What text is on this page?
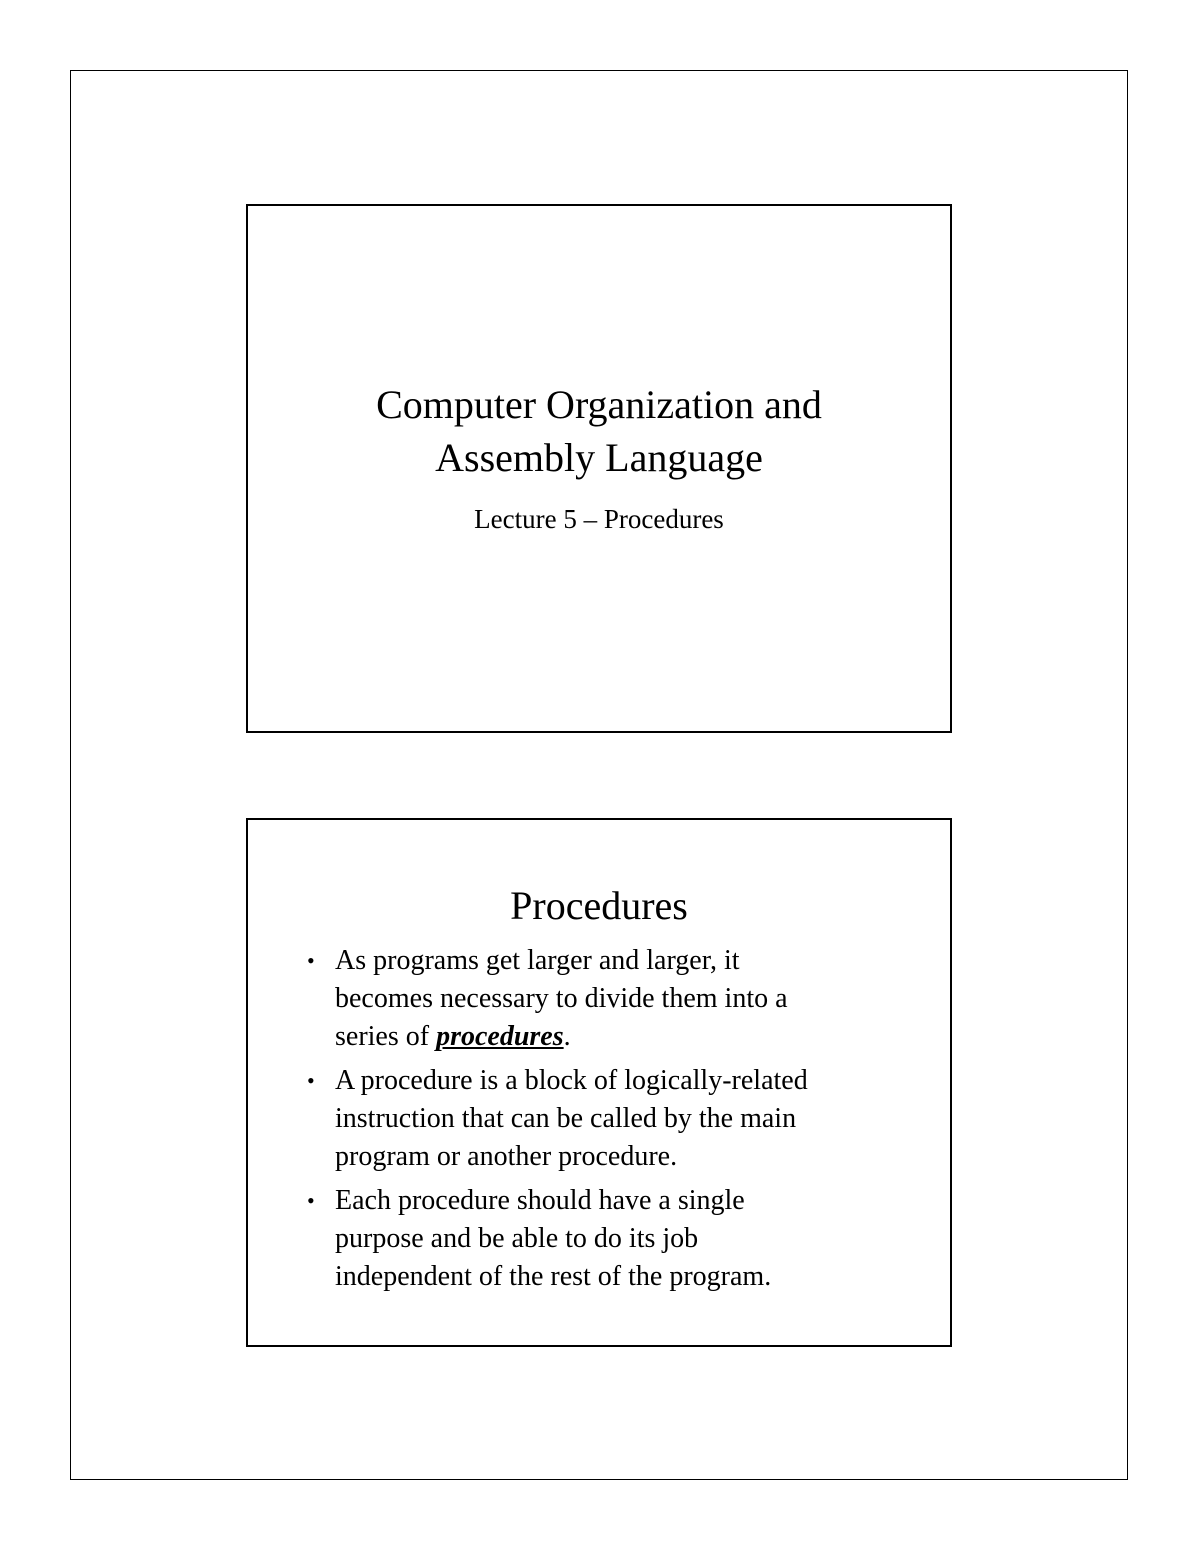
Computer Organization and
Assembly Language
Lecture 5 – Procedures
Procedures
• As programs get larger and larger, it
becomes necessary to divide them into a
series of procedures.
• A procedure is a block of logically-related
instruction that can be called by the main
program or another procedure.
• Each procedure should have a single
purpose and be able to do its job
independent of the rest of the program.
